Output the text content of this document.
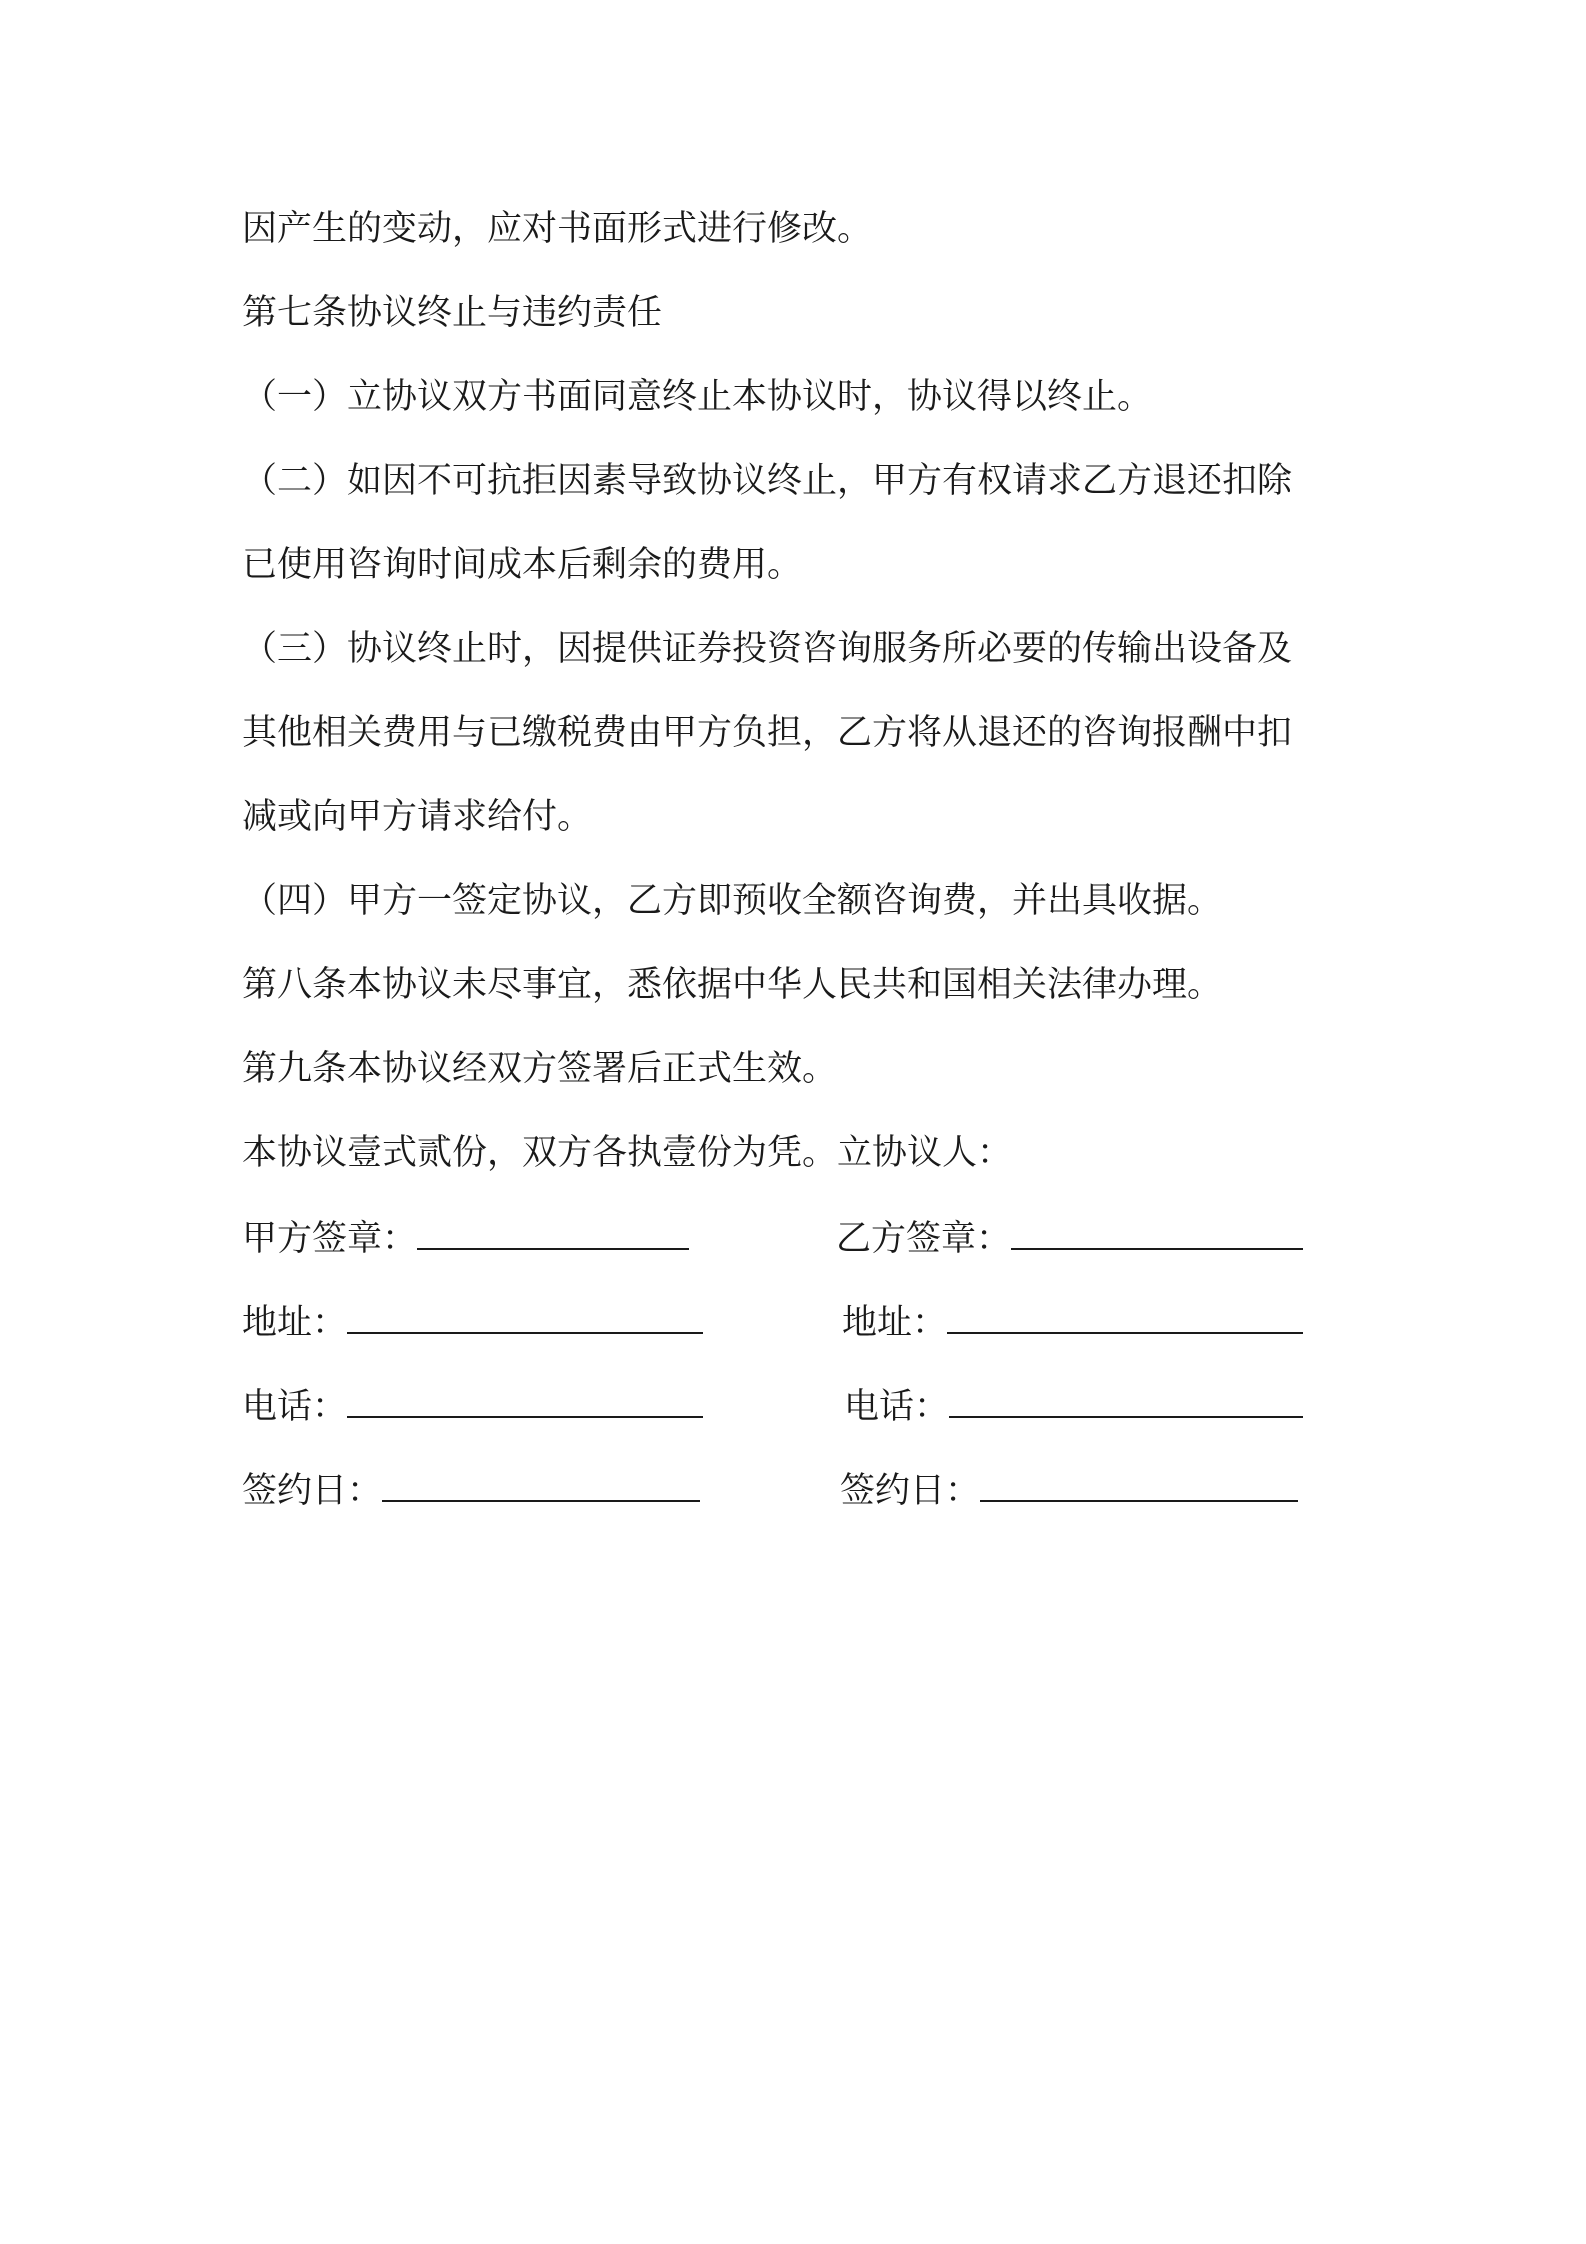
因产生的变动，应对书面形式进行修改。
第七条协议终止与违约责任
（一）立协议双方书面同意终止本协议时，协议得以终止。
（二）如因不可抗拒因素导致协议终止，甲方有权请求乙方退还扣除
已使用咨询时间成本后剩余的费用。
（三）协议终止时，因提供证券投资咨询服务所必要的传输出设备及
其他相关费用与已缴税费由甲方负担，乙方将从退还的咨询报酬中扣
减或向甲方请求给付。
（四）甲方一签定协议，乙方即预收全额咨询费，并出具收据。
第八条本协议未尽事宜，悉依据中华人民共和国相关法律办理。
第九条本协议经双方签署后正式生效。
本协议壹式贰份，双方各执壹份为凭。立协议人：
甲方签章：	乙方签章：
地址：	地址：
电话：	电话：
签约日：	签约日：
